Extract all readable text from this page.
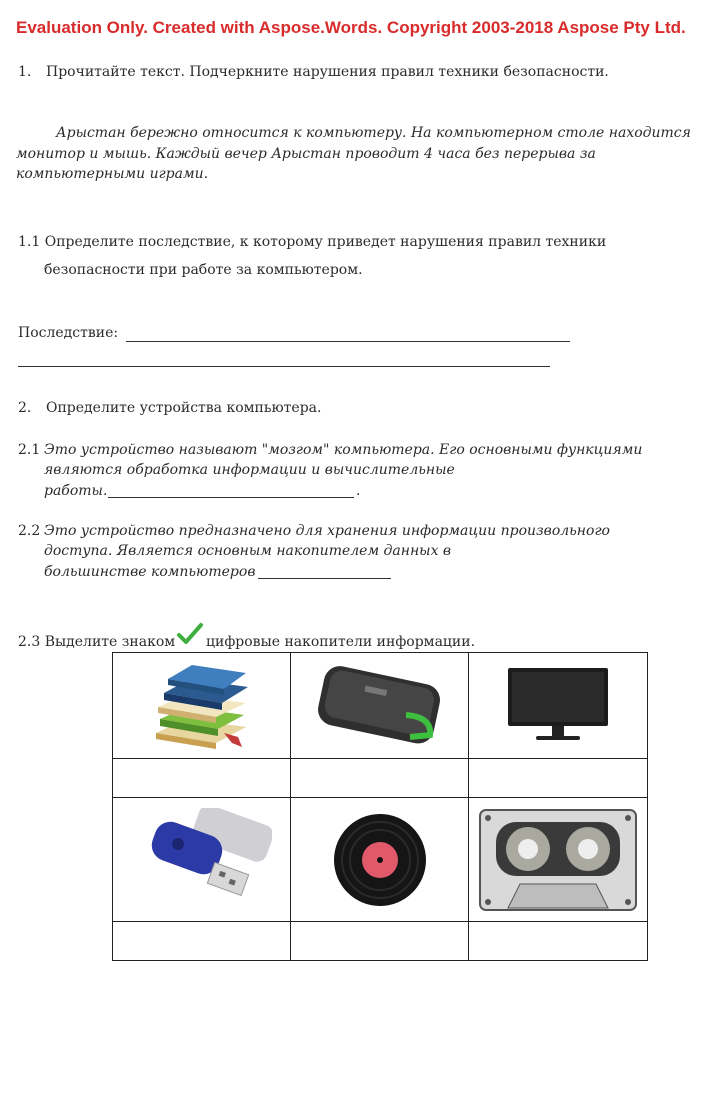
Evaluation Only. Created with Aspose.Words. Copyright 2003-2018 Aspose Pty Ltd.
1. Прочитайте текст. Подчеркните нарушения правил техники безопасности.
Арыстан бережно относится к компьютеру. На компьютерном столе находится
монитор и мышь. Каждый вечер Арыстан проводит 4 часа без перерыва за
компьютерными играми.
1.1 Определите последствие, к которому приведет нарушения правил техники
безопасности при работе за компьютером.
Последствие:
2. Определите устройства компьютера.
2.1 Это устройство называют "мозгом" компьютера. Его основными функциями
являются обработка информации и вычислительные
работы.	.
2.2 Это устройство предназначено для хранения информации произвольного
доступа. Является основным накопителем данных в
большинстве компьютеров
2.3 Выделите знаком цифровые накопители информации.
